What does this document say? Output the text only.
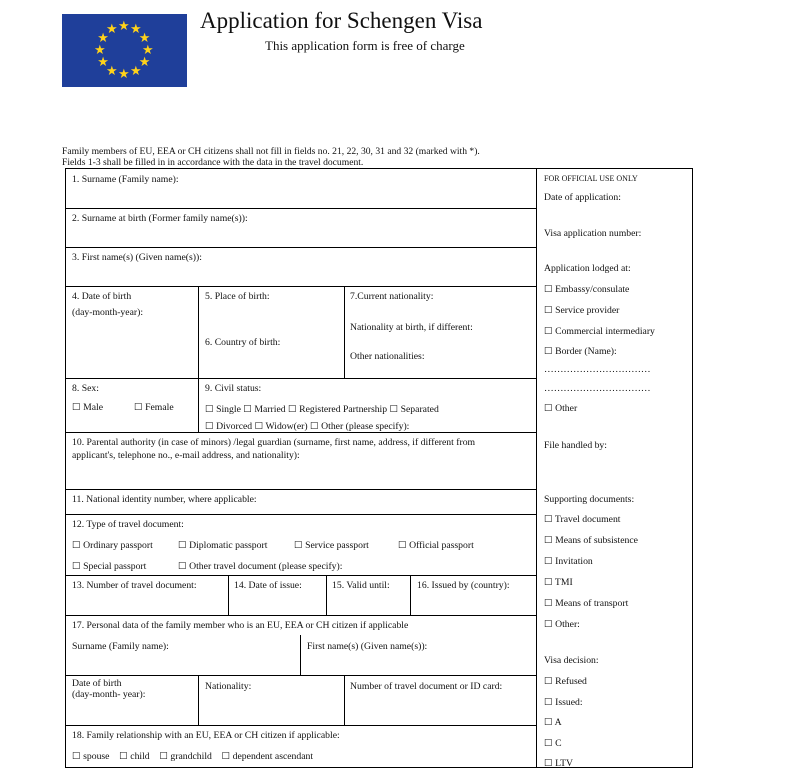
★ ★
★
★
★
★
★
★
★
★
★
★	Application for Schengen Visa
This application form is free of charge
Family members of EU, EEA or CH citizens shall not fill in fields no. 21, 22, 30, 31 and 32 (marked with *).
Fields 1-3 shall be filled in in accordance with the data in the travel document.
1. Surname (Family name):
2. Surname at birth (Former family name(s)):
3. First name(s) (Given name(s)):
4. Date of birth
(day-month-year):
5. Place of birth:
6. Country of birth:
7.Current nationality:
Nationality at birth, if different:
Other nationalities:
8. Sex:
☐ Male	☐ Female
9. Civil status:
☐ Single ☐ Married ☐ Registered Partnership ☐ Separated
☐ Divorced ☐ Widow(er) ☐ Other (please specify):
10. Parental authority (in case of minors) /legal guardian (surname, first name, address, if different from
applicant's, telephone no., e-mail address, and nationality):
11. National identity number, where applicable:
12. Type of travel document:
☐ Ordinary passport	☐ Diplomatic passport	☐ Service passport	☐ Official passport
☐ Special passport	☐ Other travel document (please specify):
13. Number of travel document:	14. Date of issue:	15. Valid until:	16. Issued by (country):
17. Personal data of the family member who is an EU, EEA or CH citizen if applicable
Surname (Family name):	First name(s) (Given name(s)):
Date of birth
(day-month- year):
Nationality:	Number of travel document or ID card:
18. Family relationship with an EU, EEA or CH citizen if applicable:
☐ spouse    ☐ child    ☐ grandchild    ☐ dependent ascendant
FOR OFFICIAL USE ONLY
Date of application:
Visa application number:
Application lodged at:
☐ Embassy/consulate
☐ Service provider
☐ Commercial intermediary
☐ Border (Name):
……………………………
……………………………
☐ Other
File handled by:
Supporting documents:
☐ Travel document
☐ Means of subsistence
☐ Invitation
☐ TMI
☐ Means of transport
☐ Other:
Visa decision:
☐ Refused
☐ Issued:
☐ A
☐ C
☐ LTV
